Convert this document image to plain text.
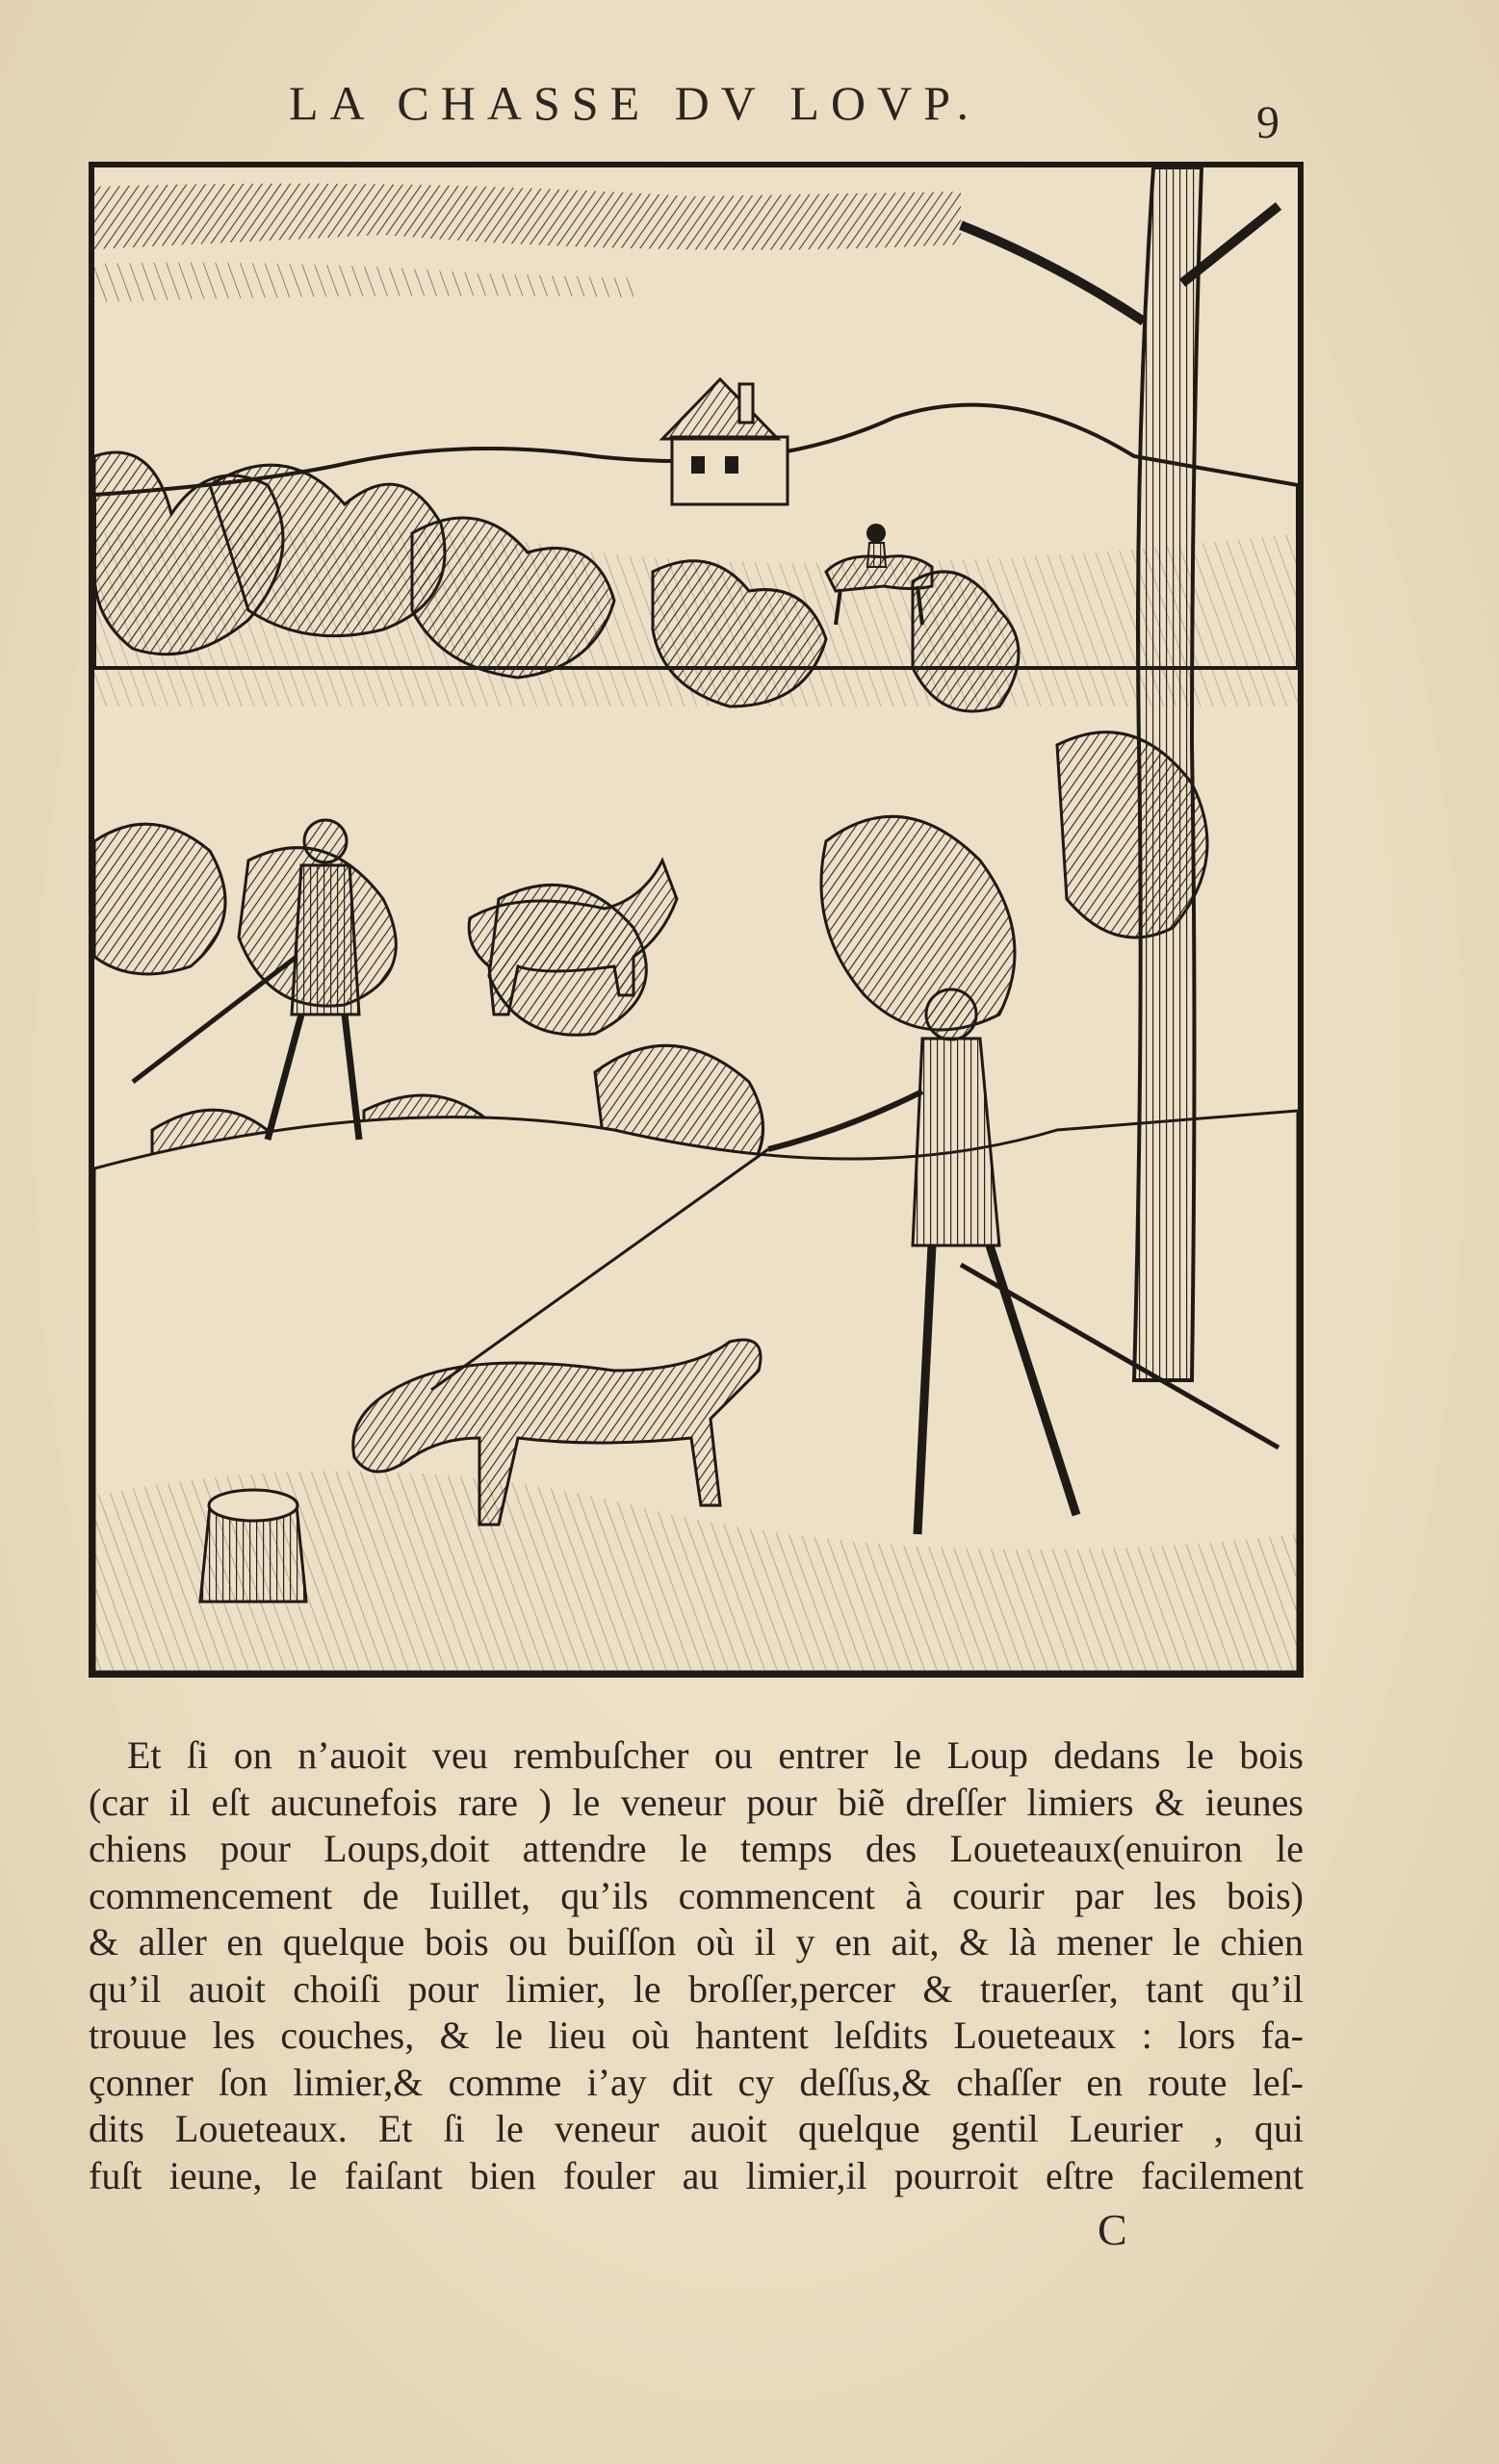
LA CHASSE DV LOVP.	9
Et ſi on n’auoit veu rembuſcher ou entrer le Loup dedans le bois
(car il eſt aucunefois rare ) le veneur pour biẽ dreſſer limiers & ieunes
chiens pour Loups,doit attendre le temps des Loueteaux(enuiron le
commencement de Iuillet, qu’ils commencent à courir par les bois)
& aller en quelque bois ou buiſſon où il y en ait, & là mener le chien
qu’il auoit choiſi pour limier, le broſſer,percer & trauerſer, tant qu’il
trouue les couches, & le lieu où hantent leſdits Loueteaux : lors fa-
çonner ſon limier,& comme i’ay dit cy deſſus,& chaſſer en route leſ-
dits Loueteaux. Et ſi le veneur auoit quelque gentil Leurier , qui
fuſt ieune, le faiſant bien fouler au limier,il pourroit eſtre facilement
C
